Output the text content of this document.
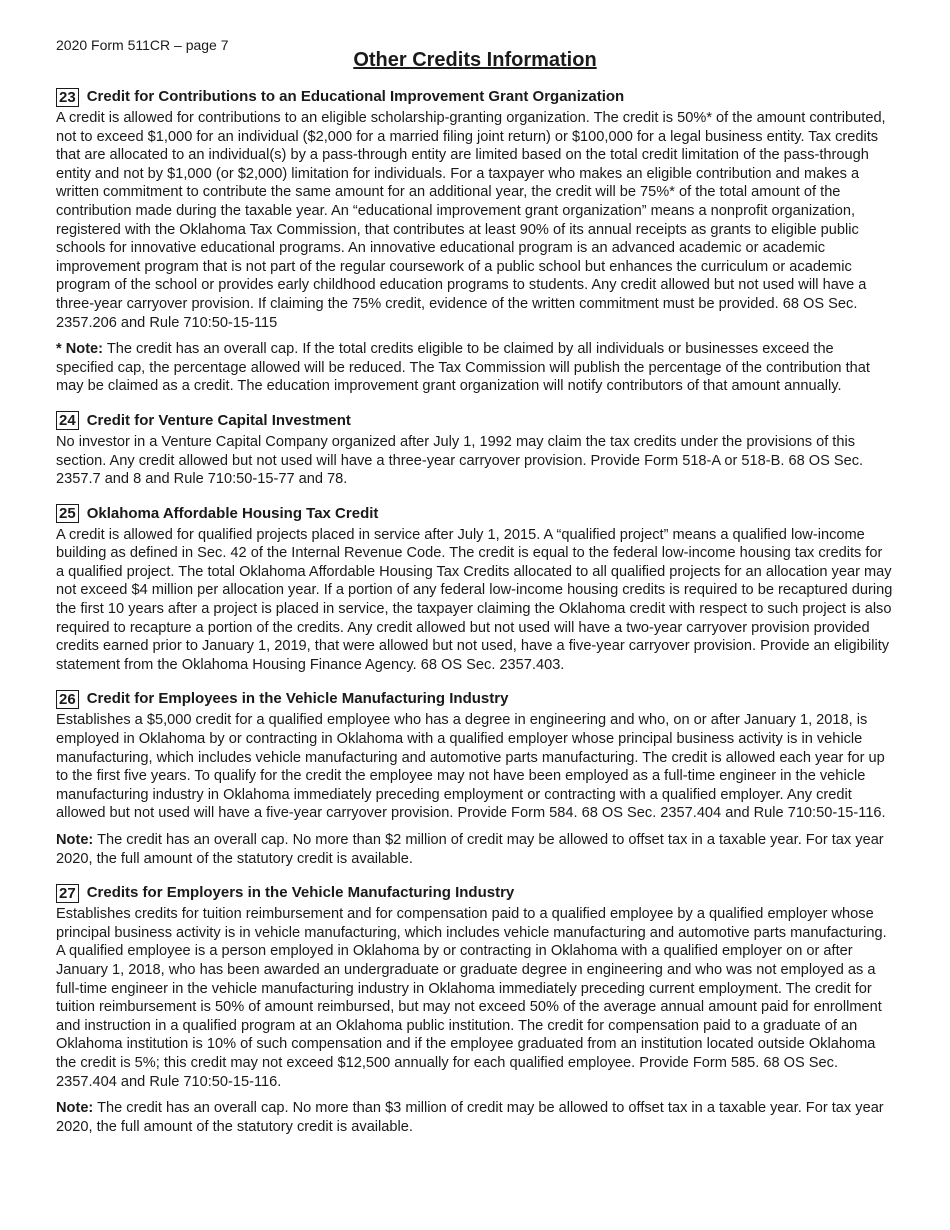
2020 Form 511CR – page 7
Other Credits Information
23 Credit for Contributions to an Educational Improvement Grant Organization

A credit is allowed for contributions to an eligible scholarship-granting organization. The credit is 50%* of the amount contributed, not to exceed $1,000 for an individual ($2,000 for a married filing joint return) or $100,000 for a legal business entity. Tax credits that are allocated to an individual(s) by a pass-through entity are limited based on the total credit limitation of the pass-through entity and not by $1,000 (or $2,000) limitation for individuals. For a taxpayer who makes an eligible contribution and makes a written commitment to contribute the same amount for an additional year, the credit will be 75%* of the total amount of the contribution made during the taxable year. An “educational improvement grant organization” means a nonprofit organization, registered with the Oklahoma Tax Commission, that contributes at least 90% of its annual receipts as grants to eligible public schools for innovative educational programs. An innovative educational program is an advanced academic or academic improvement program that is not part of the regular coursework of a public school but enhances the curriculum or academic program of the school or provides early childhood education programs to students. Any credit allowed but not used will have a three-year carryover provision. If claiming the 75% credit, evidence of the written commitment must be provided. 68 OS Sec. 2357.206 and Rule 710:50-15-115

* Note: The credit has an overall cap. If the total credits eligible to be claimed by all individuals or businesses exceed the specified cap, the percentage allowed will be reduced. The Tax Commission will publish the percentage of the contribution that may be claimed as a credit. The education improvement grant organization will notify contributors of that amount annually.

24 Credit for Venture Capital Investment

No investor in a Venture Capital Company organized after July 1, 1992 may claim the tax credits under the provisions of this section. Any credit allowed but not used will have a three-year carryover provision. Provide Form 518-A or 518-B. 68 OS Sec. 2357.7 and 8 and Rule 710:50-15-77 and 78.

25 Oklahoma Affordable Housing Tax Credit

A credit is allowed for qualified projects placed in service after July 1, 2015. A “qualified project” means a qualified low-income building as defined in Sec. 42 of the Internal Revenue Code. The credit is equal to the federal low-income housing tax credits for a qualified project. The total Oklahoma Affordable Housing Tax Credits allocated to all qualified projects for an allocation year may not exceed $4 million per allocation year. If a portion of any federal low-income housing credits is required to be recaptured during the first 10 years after a project is placed in service, the taxpayer claiming the Oklahoma credit with respect to such project is also required to recapture a portion of the credits. Any credit allowed but not used will have a two-year carryover provision provided credits earned prior to January 1, 2019, that were allowed but not used, have a five-year carryover provision. Provide an eligibility statement from the Oklahoma Housing Finance Agency. 68 OS Sec. 2357.403.

26 Credit for Employees in the Vehicle Manufacturing Industry

Establishes a $5,000 credit for a qualified employee who has a degree in engineering and who, on or after January 1, 2018, is employed in Oklahoma by or contracting in Oklahoma with a qualified employer whose principal business activity is in vehicle manufacturing, which includes vehicle manufacturing and automotive parts manufacturing. The credit is allowed each year for up to the first five years. To qualify for the credit the employee may not have been employed as a full-time engineer in the vehicle manufacturing industry in Oklahoma immediately preceding employment or contracting with a qualified employer. Any credit allowed but not used will have a five-year carryover provision. Provide Form 584. 68 OS Sec. 2357.404 and Rule 710:50-15-116.

Note: The credit has an overall cap. No more than $2 million of credit may be allowed to offset tax in a taxable year. For tax year 2020, the full amount of the statutory credit is available.

27 Credits for Employers in the Vehicle Manufacturing Industry

Establishes credits for tuition reimbursement and for compensation paid to a qualified employee by a qualified employer whose principal business activity is in vehicle manufacturing, which includes vehicle manufacturing and automotive parts manufacturing. A qualified employee is a person employed in Oklahoma by or contracting in Oklahoma with a qualified employer on or after January 1, 2018, who has been awarded an undergraduate or graduate degree in engineering and who was not employed as a full-time engineer in the vehicle manufacturing industry in Oklahoma immediately preceding current employment. The credit for tuition reimbursement is 50% of amount reimbursed, but may not exceed 50% of the average annual amount paid for enrollment and instruction in a qualified program at an Oklahoma public institution. The credit for compensation paid to a graduate of an Oklahoma institution is 10% of such compensation and if the employee graduated from an institution located outside Oklahoma the credit is 5%; this credit may not exceed $12,500 annually for each qualified employee. Provide Form 585. 68 OS Sec. 2357.404 and Rule 710:50-15-116.

Note: The credit has an overall cap. No more than $3 million of credit may be allowed to offset tax in a taxable year. For tax year 2020, the full amount of the statutory credit is available.
